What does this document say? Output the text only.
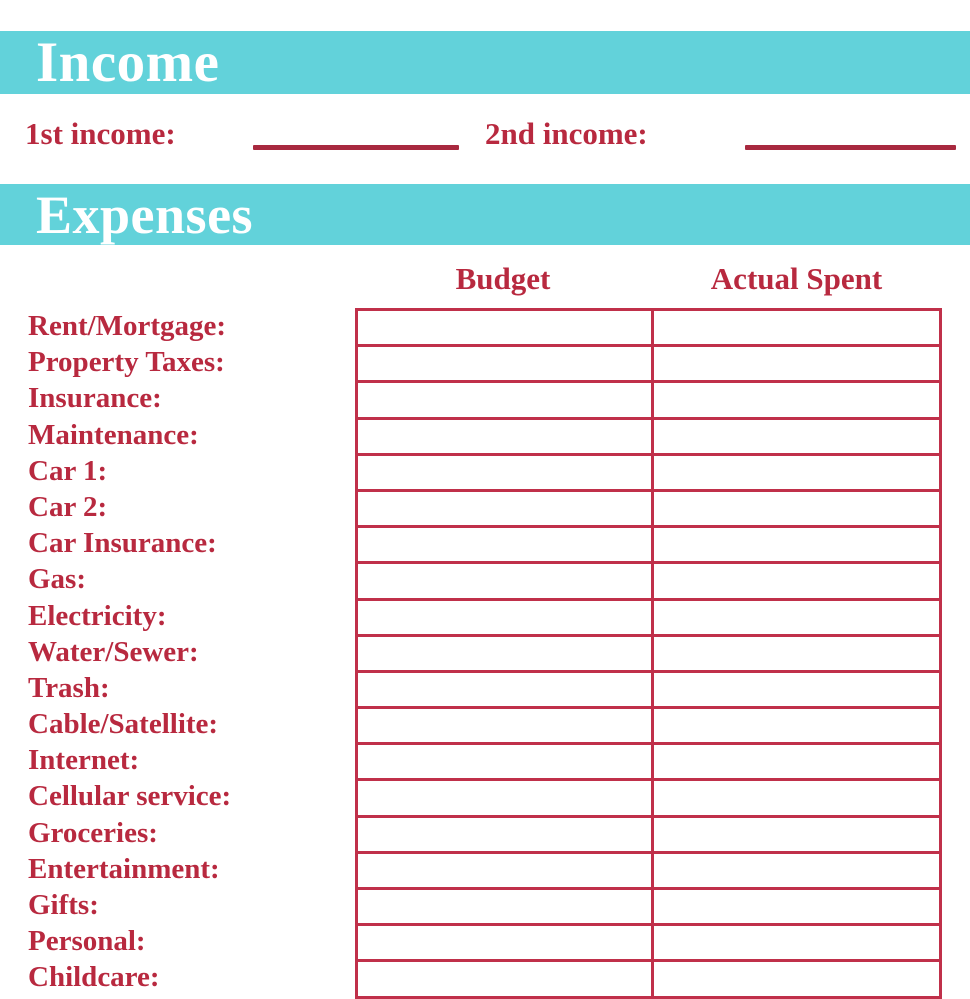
Income
1st income:	2nd income:
Expenses
Budget	Actual Spent
Rent/Mortgage:
Property Taxes:
Insurance:
Maintenance:
Car 1:
Car 2:
Car Insurance:
Gas:
Electricity:
Water/Sewer:
Trash:
Cable/Satellite:
Internet:
Cellular service:
Groceries:
Entertainment:
Gifts:
Personal:
Childcare:
